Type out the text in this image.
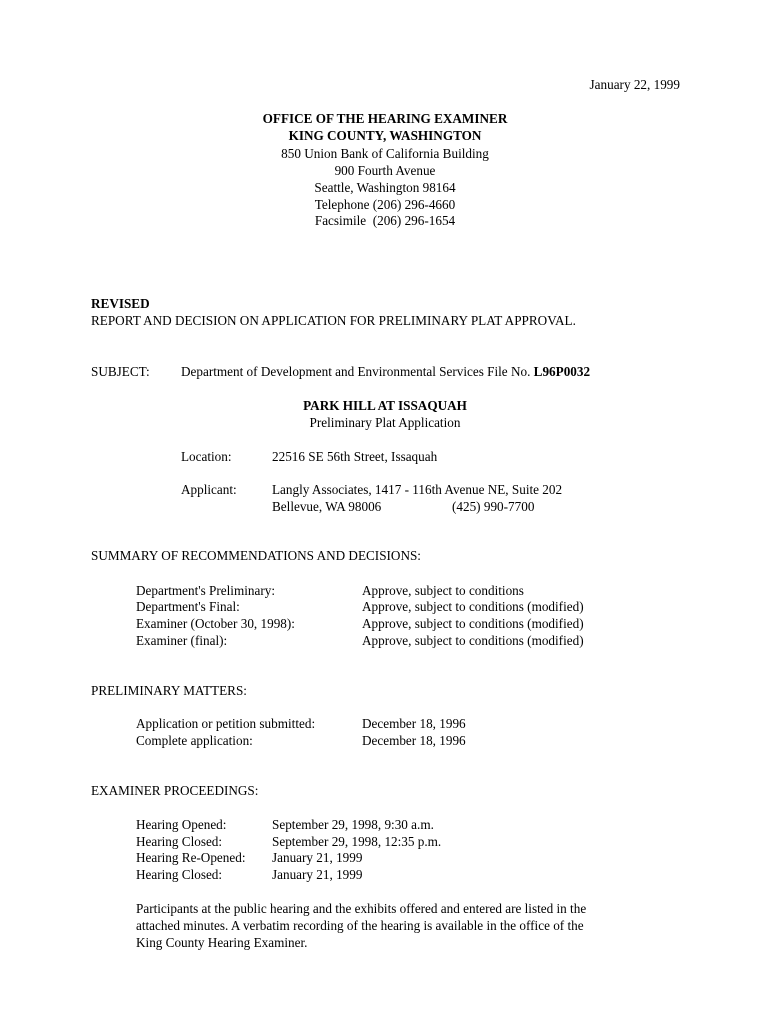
January 22, 1999
OFFICE OF THE HEARING EXAMINER
KING COUNTY, WASHINGTON
850 Union Bank of California Building
900 Fourth Avenue
Seattle, Washington 98164
Telephone (206) 296-4660
Facsimile  (206) 296-1654
REVISED
REPORT AND DECISION ON APPLICATION FOR PRELIMINARY PLAT APPROVAL.
SUBJECT: Department of Development and Environmental Services File No. L96P0032
PARK HILL AT ISSAQUAH
Preliminary Plat Application
Location:	22516 SE 56th Street, Issaquah
Applicant:	Langly Associates, 1417 - 116th Avenue NE, Suite 202
Bellevue, WA 98006	(425) 990-7700
SUMMARY OF RECOMMENDATIONS AND DECISIONS:
Department's Preliminary:	Approve, subject to conditions
Department's Final:	Approve, subject to conditions (modified)
Examiner (October 30, 1998):	Approve, subject to conditions (modified)
Examiner (final):	Approve, subject to conditions (modified)
PRELIMINARY MATTERS:
Application or petition submitted:	December 18, 1996
Complete application:	December 18, 1996
EXAMINER PROCEEDINGS:
Hearing Opened:	September 29, 1998, 9:30 a.m.
Hearing Closed:	September 29, 1998, 12:35 p.m.
Hearing Re-Opened: January 21, 1999
Hearing Closed:	January 21, 1999
Participants at the public hearing and the exhibits offered and entered are listed in the
attached minutes. A verbatim recording of the hearing is available in the office of the
King County Hearing Examiner.
